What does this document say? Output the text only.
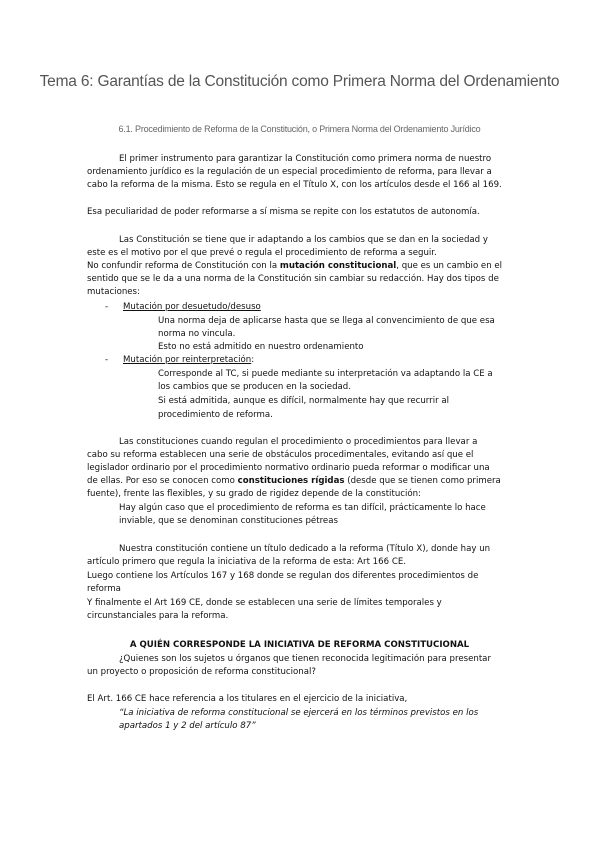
Tema 6: Garantías de la Constitución como Primera Norma del Ordenamiento
6.1. Procedimiento de Reforma de la Constitución, o Primera Norma del Ordenamiento Jurídico
El primer instrumento para garantizar la Constitución como primera norma de nuestro
ordenamiento jurídico es la regulación de un especial procedimiento de reforma, para llevar a
cabo la reforma de la misma. Esto se regula en el Título X, con los artículos desde el 166 al 169.
Esa peculiaridad de poder reformarse a sí misma se repite con los estatutos de autonomía.
Las Constitución se tiene que ir adaptando a los cambios que se dan en la sociedad y
este es el motivo por el que prevé o regula el procedimiento de reforma a seguir.
No confundir reforma de Constitución con la mutación constitucional, que es un cambio en el
sentido que se le da a una norma de la Constitución sin cambiar su redacción. Hay dos tipos de
mutaciones:
- Mutación por desuetudo/desuso
Una norma deja de aplicarse hasta que se llega al convencimiento de que esa
norma no vincula.
Esto no está admitido en nuestro ordenamiento
- Mutación por reinterpretación:
Corresponde al TC, si puede mediante su interpretación va adaptando la CE a
los cambios que se producen en la sociedad.
Si está admitida, aunque es difícil, normalmente hay que recurrir al
procedimiento de reforma.
Las constituciones cuando regulan el procedimiento o procedimientos para llevar a
cabo su reforma establecen una serie de obstáculos procedimentales, evitando así que el
legislador ordinario por el procedimiento normativo ordinario pueda reformar o modificar una
de ellas. Por eso se conocen como constituciones rígidas (desde que se tienen como primera
fuente), frente las flexibles, y su grado de rigidez depende de la constitución:
Hay algún caso que el procedimiento de reforma es tan difícil, prácticamente lo hace
inviable, que se denominan constituciones pétreas
Nuestra constitución contiene un título dedicado a la reforma (Título X), donde hay un
artículo primero que regula la iniciativa de la reforma de esta: Art 166 CE.
Luego contiene los Artículos 167 y 168 donde se regulan dos diferentes procedimientos de
reforma
Y finalmente el Art 169 CE, donde se establecen una serie de límites temporales y
circunstanciales para la reforma.
A QUIÉN CORRESPONDE LA INICIATIVA DE REFORMA CONSTITUCIONAL
¿Quienes son los sujetos u órganos que tienen reconocida legitimación para presentar
un proyecto o proposición de reforma constitucional?
El Art. 166 CE hace referencia a los titulares en el ejercicio de la iniciativa,
“La iniciativa de reforma constitucional se ejercerá en los términos previstos en los
apartados 1 y 2 del artículo 87”
